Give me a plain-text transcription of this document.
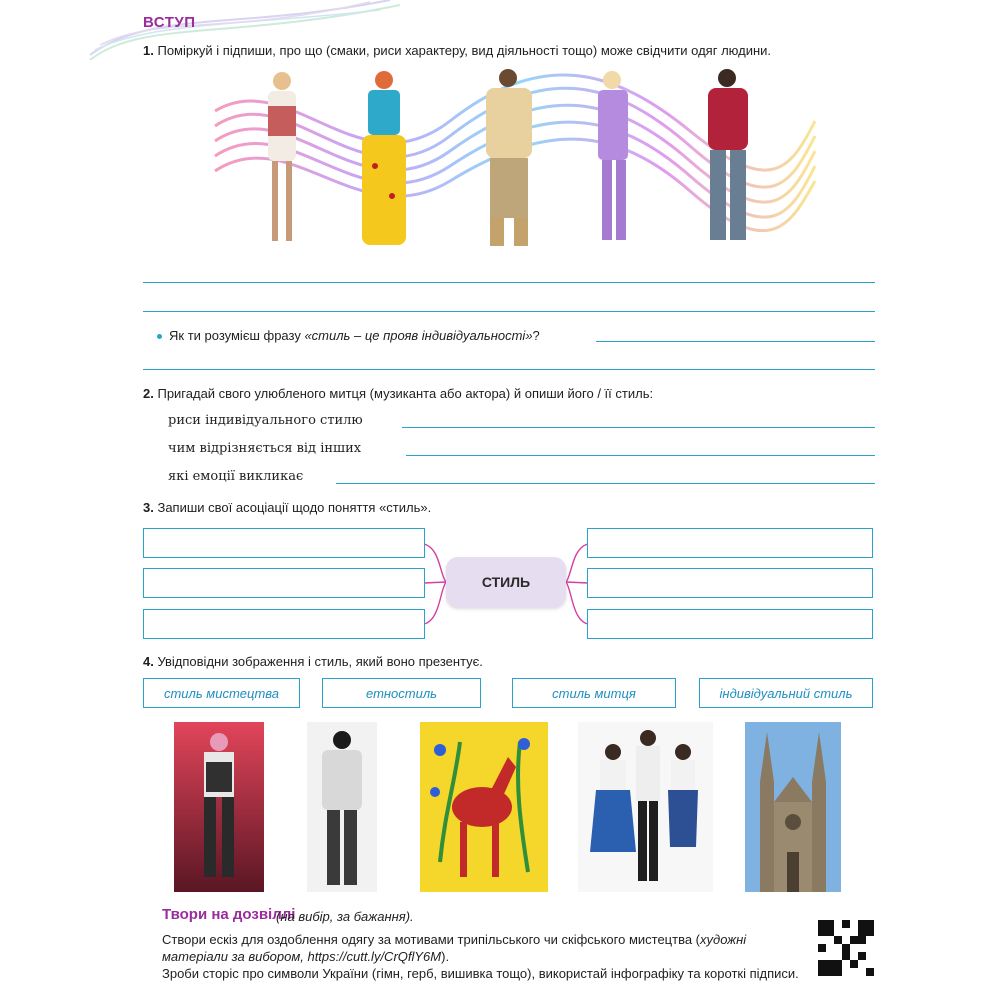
ВСТУП
1. Поміркуй і підпиши, про що (смаки, риси характеру, вид діяльності тощо) може свідчити одяг людини.
Як ти розумієш фразу «стиль – це прояв індивідуальності»?
2. Пригадай свого улюбленого митця (музиканта або актора) й опиши його / її стиль:
риси індивідуального стилю
чим відрізняється від інших
які емоції викликає
3. Запиши свої асоціації щодо поняття «стиль».
СТИЛЬ
4. Увідповідни зображення і стиль, який воно презентує.
стиль мистецтва	етностиль	стиль митця	індивідуальний стиль
Твори на дозвіллі
(на вибір, за бажання).
Створи ескіз для оздоблення одягу за мотивами трипільського чи скіфського мистецтва (художні матеріали за вибором, https://cutt.ly/CrQflY6M).
Зроби сторіс про символи України (гімн, герб, вишивка тощо), використай інфографіку та короткі підписи.
